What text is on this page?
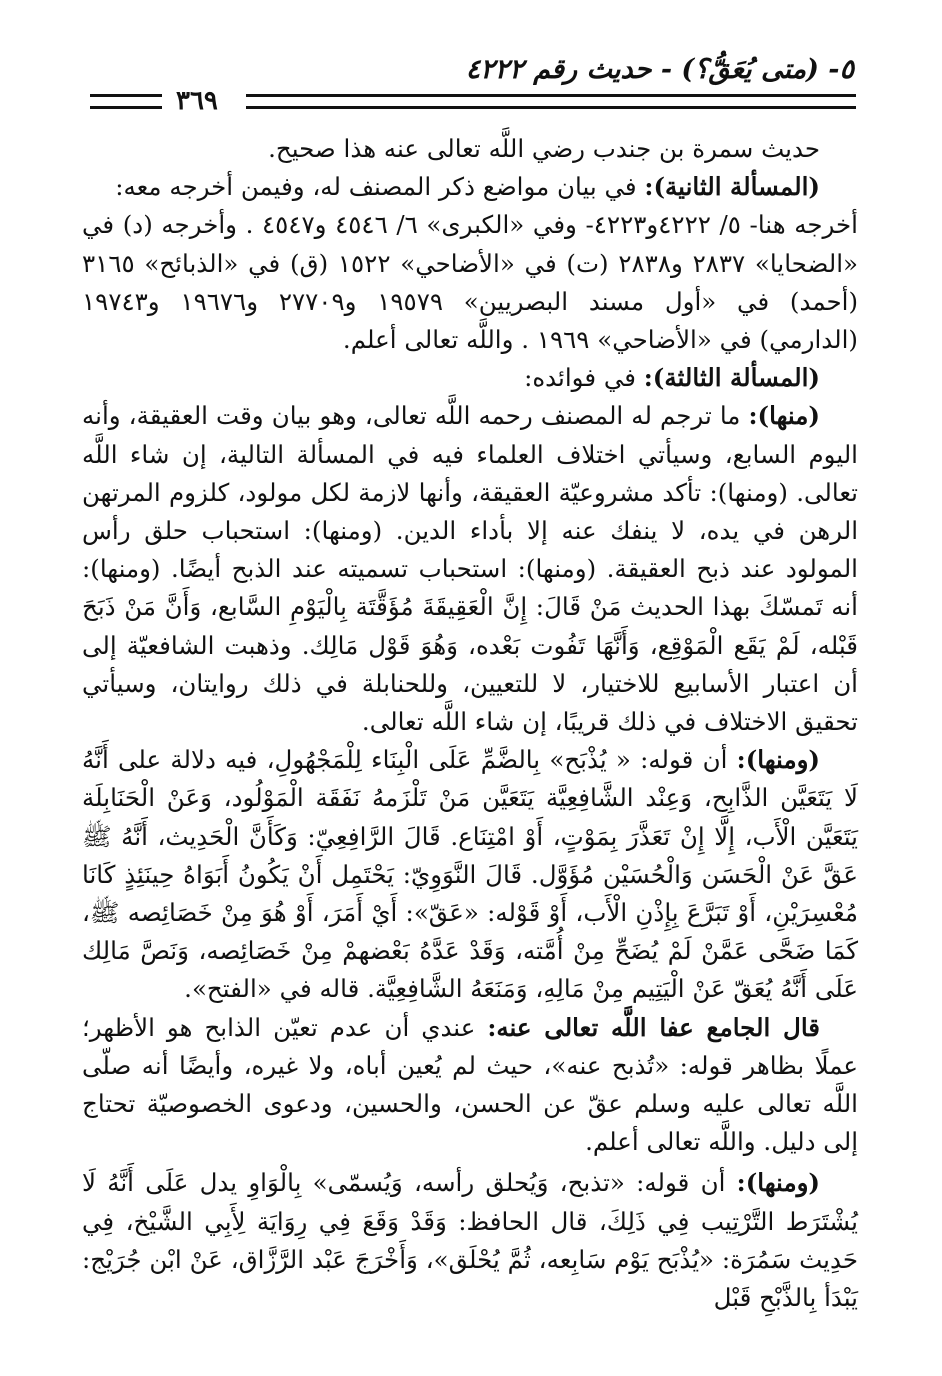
٥- (متى يُعَقُّ؟) - حديث رقم ٤٢٢٢
٣٦٩

حديث سمرة بن جندب رضي اللَّه تعالى عنه هذا صحيح.

(المسألة الثانية): في بيان مواضع ذكر المصنف له، وفيمن أخرجه معه:

أخرجه هنا- ٥/ ٤٢٢٢و٤٢٢٣- وفي «الكبرى» ٦/ ٤٥٤٦ و٤٥٤٧ . وأخرجه (د) في «الضحايا» ٢٨٣٧ و٢٨٣٨ (ت) في «الأضاحي» ١٥٢٢ (ق) في «الذبائح» ٣١٦٥ (أحمد) في «أول مسند البصريين» ١٩٥٧٩ و٢٧٧٠٩ و١٩٦٧٦ و١٩٧٤٣ (الدارمي) في «الأضاحي» ١٩٦٩ . واللَّه تعالى أعلم.

(المسألة الثالثة): في فوائده:

(منها): ما ترجم له المصنف رحمه اللَّه تعالى، وهو بيان وقت العقيقة، وأنه اليوم السابع، وسيأتي اختلاف العلماء فيه في المسألة التالية، إن شاء اللَّه تعالى. (ومنها): تأكد مشروعيّة العقيقة، وأنها لازمة لكل مولود، كلزوم المرتهن الرهن في يده، لا ينفك عنه إلا بأداء الدين. (ومنها): استحباب حلق رأس المولود عند ذبح العقيقة. (ومنها): استحباب تسميته عند الذبح أيضًا. (ومنها): أنه تَمسّكَ بهذا الحديث مَنْ قَالَ: إِنَّ الْعَقِيقَةَ مُؤَقَّتَة بِالْيَوْمِ السَّابع، وَأَنَّ مَنْ ذَبَحَ قَبْله، لَمْ يَقَع الْمَوْقِع، وَأَنَّهَا تَفُوت بَعْده، وَهُوَ قَوْل مَالِك. وذهبت الشافعيّة إلى أن اعتبار الأسابيع للاختيار، لا للتعيين، وللحنابلة في ذلك روايتان، وسيأتي تحقيق الاختلاف في ذلك قريبًا، إن شاء اللَّه تعالى.

(ومنها): أن قوله: « يُذْبَح» بِالضَّمِّ عَلَى الْبِنَاء لِلْمَجْهُولِ، فيه دلالة على أَنَّهُ لَا يَتَعَيَّن الذَّابِح، وَعِنْد الشَّافِعِيَّة يَتَعَيَّن مَنْ تَلْزَمهُ نَفَقَة الْمَوْلُود، وَعَنْ الْحَنَابِلَة يَتَعَيَّن الْأَب، إِلَّا إِنْ تَعَذَّرَ بِمَوْتٍ، أَوْ امْتِنَاع. قَالَ الرَّافِعِيّ: وَكَأَنَّ الْحَدِيث، أَنَّهُ ﷺ عَقَّ عَنْ الْحَسَن وَالْحُسَيْن مُؤَوَّل. قَالَ النَّوَوِيّ: يَحْتَمِل أَنْ يَكُونُ أَبَوَاهُ حِينَئِذٍ كَانَا مُعْسِرَيْنِ، أَوْ تَبَرَّعَ بِإِذْنِ الْأَب، أَوْ قَوْله: «عَقّ»: أَيْ أَمَرَ، أَوْ هُوَ مِنْ خَصَائِصه ﷺ، كَمَا ضَحَّى عَمَّنْ لَمْ يُضَحِّ مِنْ أُمَّته، وَقَدْ عَدَّهُ بَعْضهمْ مِنْ خَصَائِصه، وَنَصَّ مَالِك عَلَى أَنَّهُ يُعَقّ عَنْ الْيَتِيم مِنْ مَالِهِ، وَمَنَعَهُ الشَّافِعِيَّة. قاله في «الفتح».

قال الجامع عفا اللَّه تعالى عنه: عندي أن عدم تعيّن الذابح هو الأظهر؛ عملًا بظاهر قوله: «تُذبح عنه»، حيث لم يُعين أباه، ولا غيره، وأيضًا أنه صلّى اللَّه تعالى عليه وسلم عقّ عن الحسن، والحسين، ودعوى الخصوصيّة تحتاج إلى دليل. واللَّه تعالى أعلم.

(ومنها): أن قوله: «تذبح، وَيُحلق رأسه، وَيُسمّى» بِالْوَاوِ يدل عَلَى أَنَّهُ لَا يُشْتَرَط التَّرْتِيب فِي ذَلِكَ، قال الحافظ: وَقَدْ وَقَعَ فِي رِوَايَة لِأَبِي الشَّيْخ، فِي حَدِيث سَمُرَة: «يُذْبَح يَوْم سَابِعه، ثُمَّ يُحْلَق»، وَأَخْرَجَ عَبْد الرَّزَّاق، عَنْ ابْن جُرَيْج: يَبْدَأ بِالذَّبْحِ قَبْل
